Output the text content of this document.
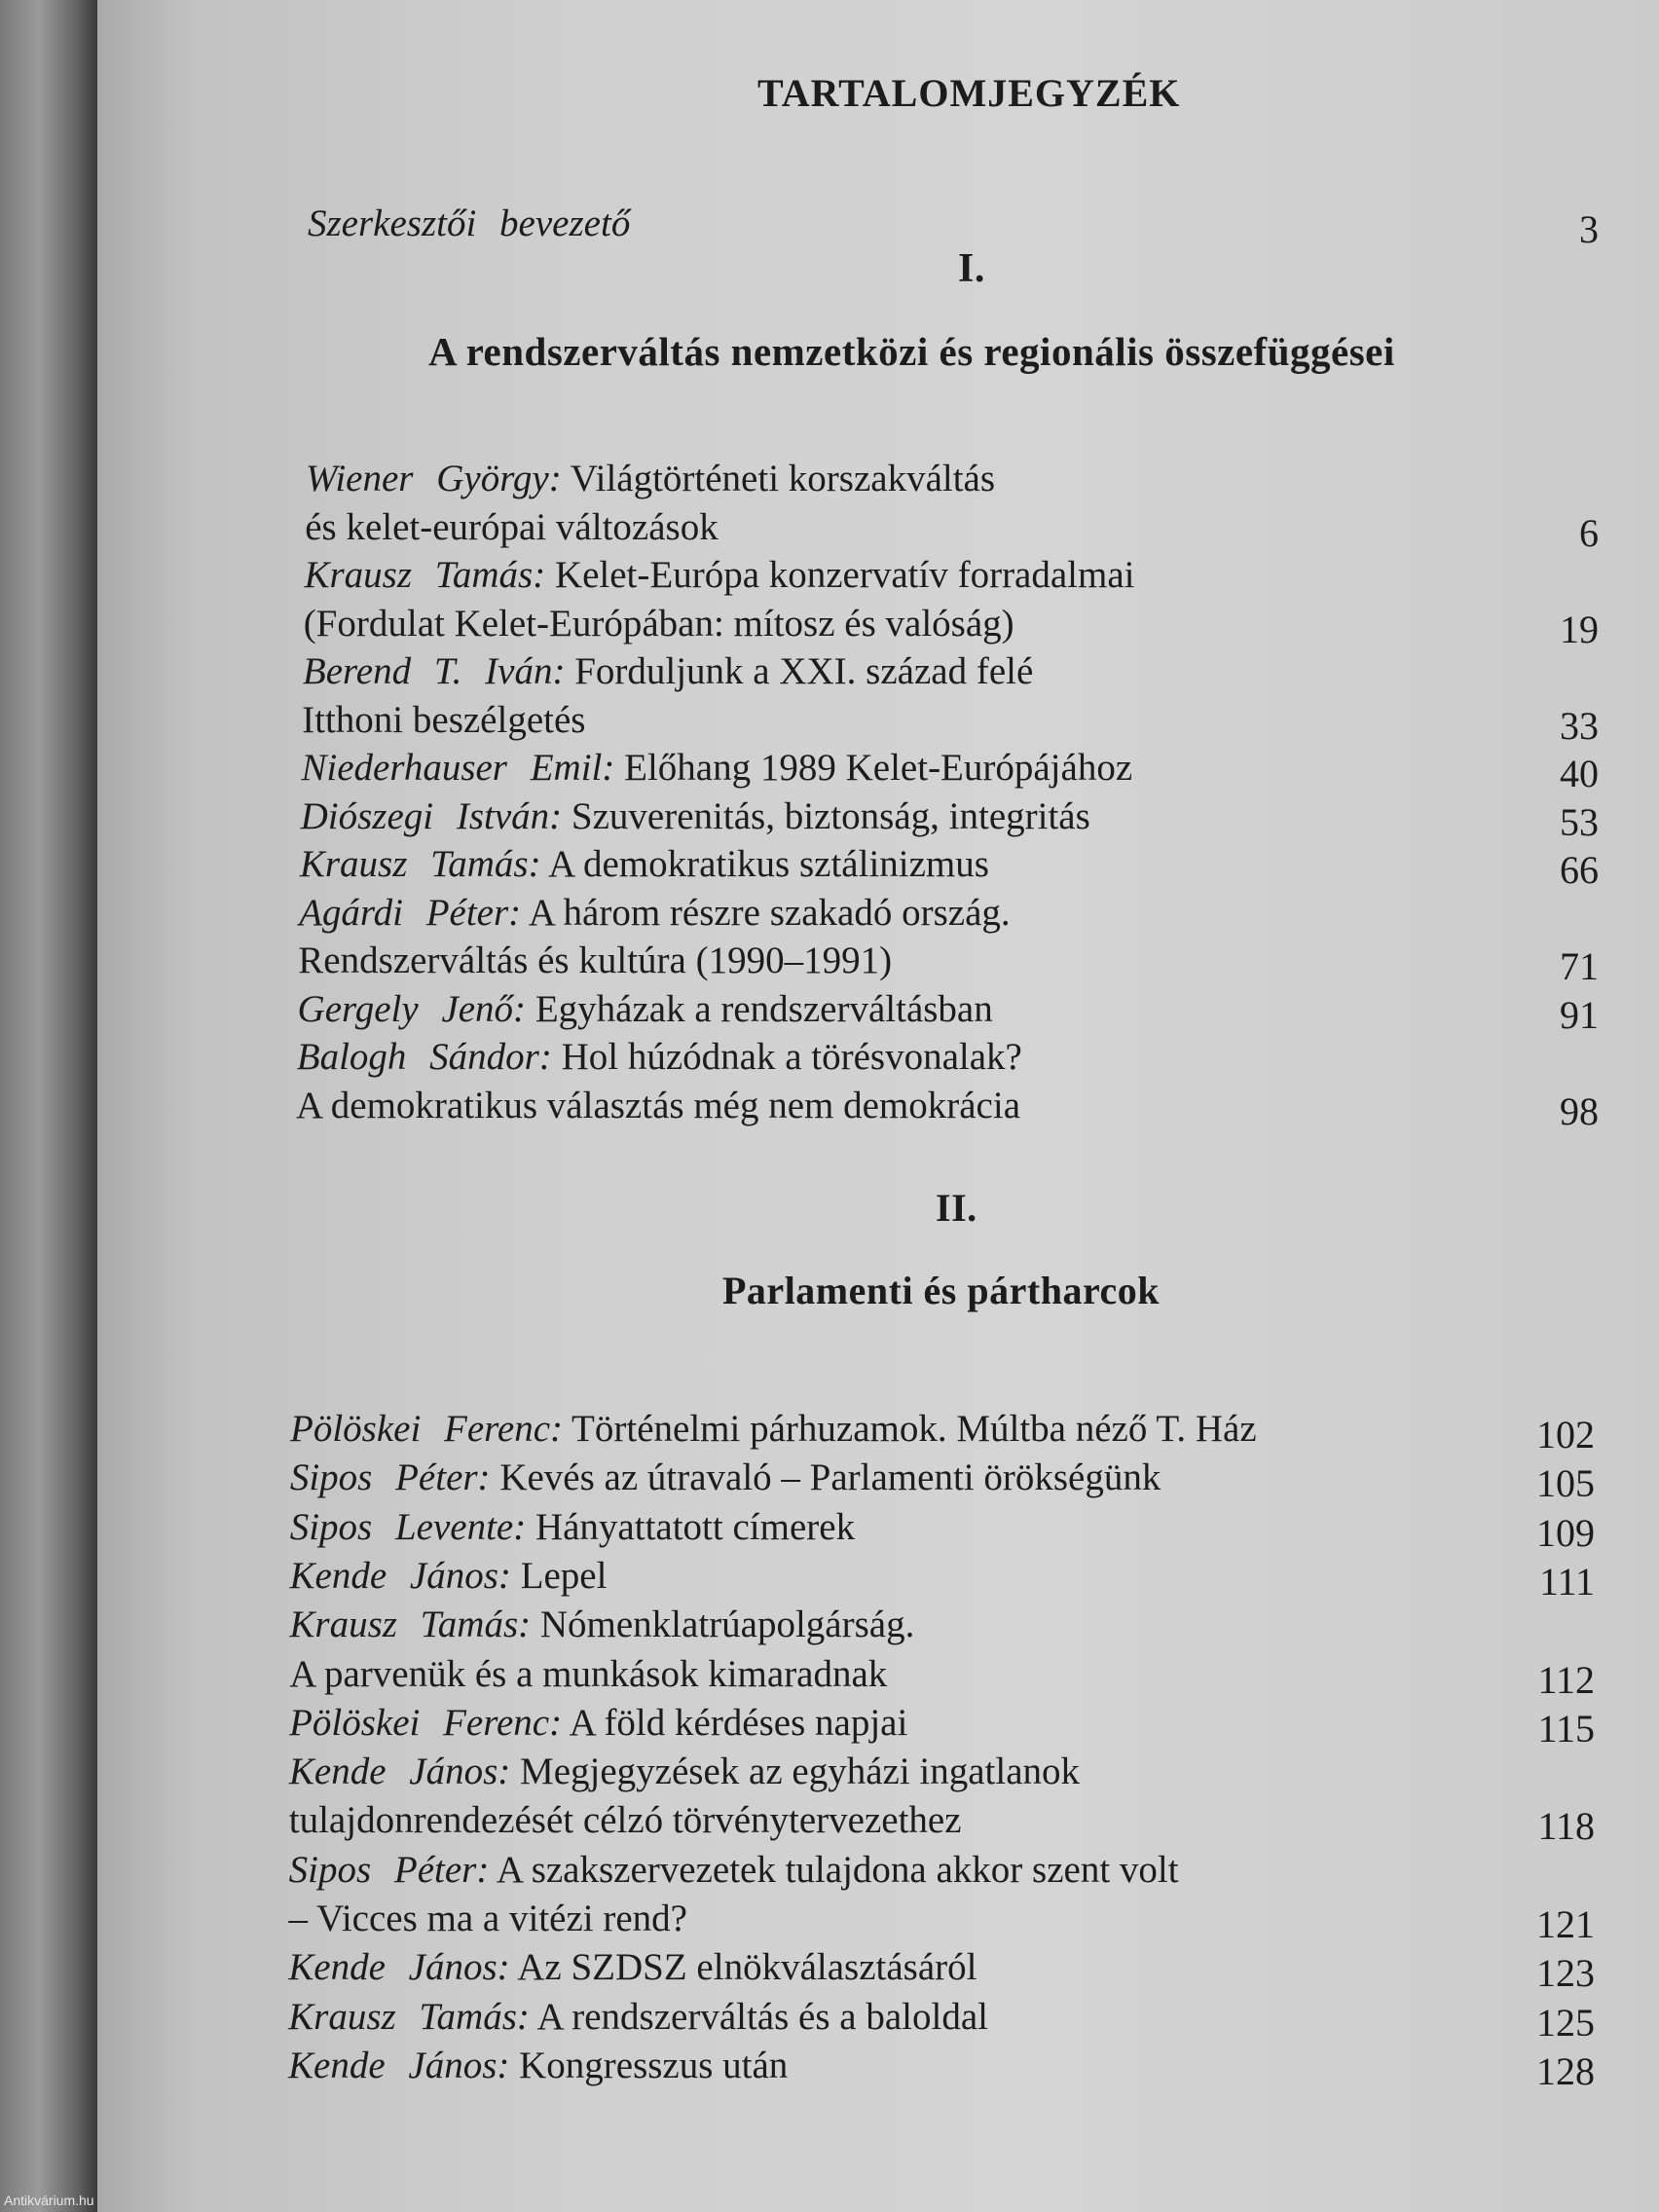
TARTALOMJEGYZÉK
Szerkesztői bevezető	3
I.
A rendszerváltás nemzetközi és regionális összefüggései
Wiener György: Világtörténeti korszakváltás
és kelet-európai változások	6
Krausz Tamás: Kelet-Európa konzervatív forradalmai
(Fordulat Kelet-Európában: mítosz és valóság)	19
Berend T. Iván: Forduljunk a XXI. század felé
Itthoni beszélgetés	33
Niederhauser Emil: Előhang 1989 Kelet-Európájához	40
Diószegi István: Szuverenitás, biztonság, integritás	53
Krausz Tamás: A demokratikus sztálinizmus	66
Agárdi Péter: A három részre szakadó ország.
Rendszerváltás és kultúra (1990–1991)	71
Gergely Jenő: Egyházak a rendszerváltásban	91
Balogh Sándor: Hol húzódnak a törésvonalak?
A demokratikus választás még nem demokrácia	98
II.
Parlamenti és pártharcok
Pölöskei Ferenc: Történelmi párhuzamok. Múltba néző T. Ház	102
Sipos Péter: Kevés az útravaló – Parlamenti örökségünk	105
Sipos Levente: Hányattatott címerek	109
Kende János: Lepel	111
Krausz Tamás: Nómenklatrúapolgárság.
A parvenük és a munkások kimaradnak	112
Pölöskei Ferenc: A föld kérdéses napjai	115
Kende János: Megjegyzések az egyházi ingatlanok
tulajdonrendezését célzó törvénytervezethez	118
Sipos Péter: A szakszervezetek tulajdona akkor szent volt
– Vicces ma a vitézi rend?	121
Kende János: Az SZDSZ elnökválasztásáról	123
Krausz Tamás: A rendszerváltás és a baloldal	125
Kende János: Kongresszus után	128
Antikvárium.hu
